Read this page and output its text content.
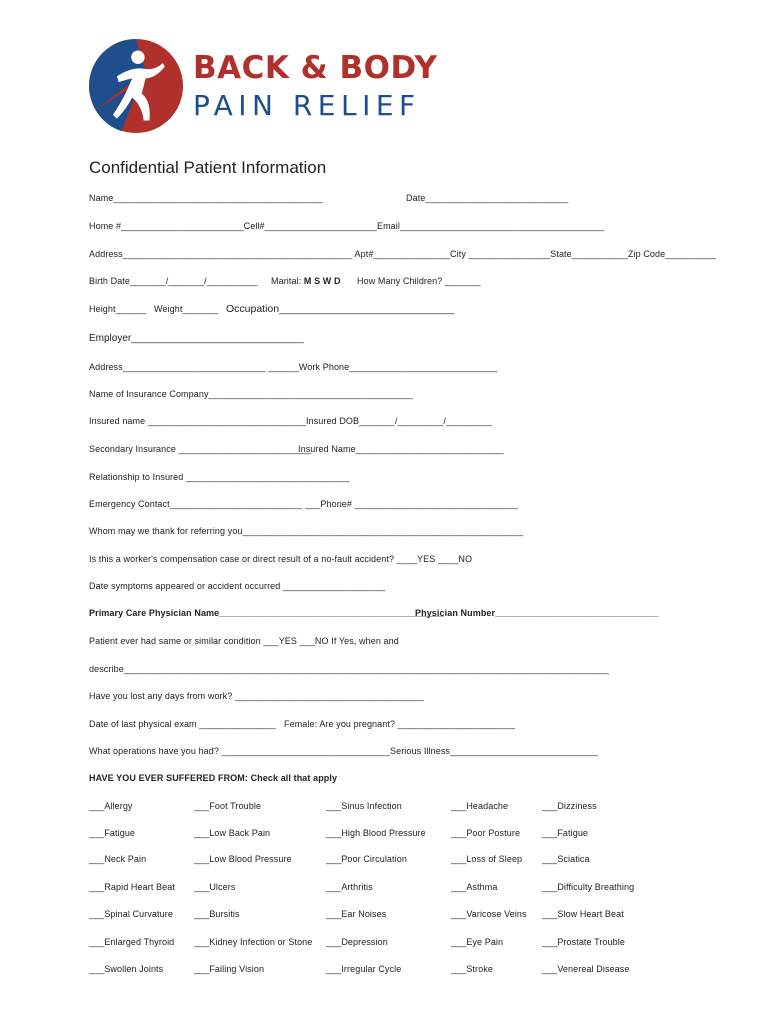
BACK & BODY
PAIN RELIEF
Confidential Patient Information
Name_________________________________________	Date____________________________
Home #________________________Cell#______________________Email________________________________________
Address_____________________________________________ Apt#_______________City ________________State___________Zip Code__________
Birth Date_______/_______/__________ Marital: M S W D How Many Children? _______
Height______ Weight_______ Occupation______________________________
Employer_______________________________
Address____________________________ ______Work Phone_____________________________
Name of Insurance Company________________________________________
Insured name _______________________________ Insured DOB_______/_________/_________
Secondary Insurance __________________________
Insured Name_____________________________
Relationship to Insured ________________________________
Emergency Contact__________________________ ___Phone# ________________________________
Whom may we thank for referring you_______________________________________________________
Is this a worker's compensation case or direct result of a no-fault accident? ____YES ____NO
Date symptoms appeared or accident occurred ____________________
Primary Care Physician Name____________________________________________
Physician Number________________________________
Patient ever had same or similar condition ___YES ___NO If Yes, when and
describe_______________________________________________________________________________________________
Have you lost any days from work? _____________________________________
Date of last physical exam _______________ Female: Are you pregnant? _______________________
What operations have you had? _________________________________ Serious Illness_____________________________
HAVE YOU EVER SUFFERED FROM: Check all that apply
___Allergy	___Foot Trouble	___Sinus Infection	___Headache	___Dizziness
___Fatigue	___Low Back Pain	___High Blood Pressure	___Poor Posture ___Fatigue
___Neck Pain	___Low Blood Pressure	___Poor Circulation	___Loss of Sleep ___Sciatica
___Rapid Heart Beat ___Ulcers	___Arthritis	___Asthma	___Difficulty Breathing
___Spinal Curvature ___Bursitis	___Ear Noises	___Varicose Veins ___Slow Heart Beat
___Enlarged Thyroid ___Kidney Infection or Stone ___Depression	___Eye Pain	___Prostate Trouble
___Swollen Joints	___Failing Vision	___Irregular Cycle	___Stroke	___Venereal Disease
